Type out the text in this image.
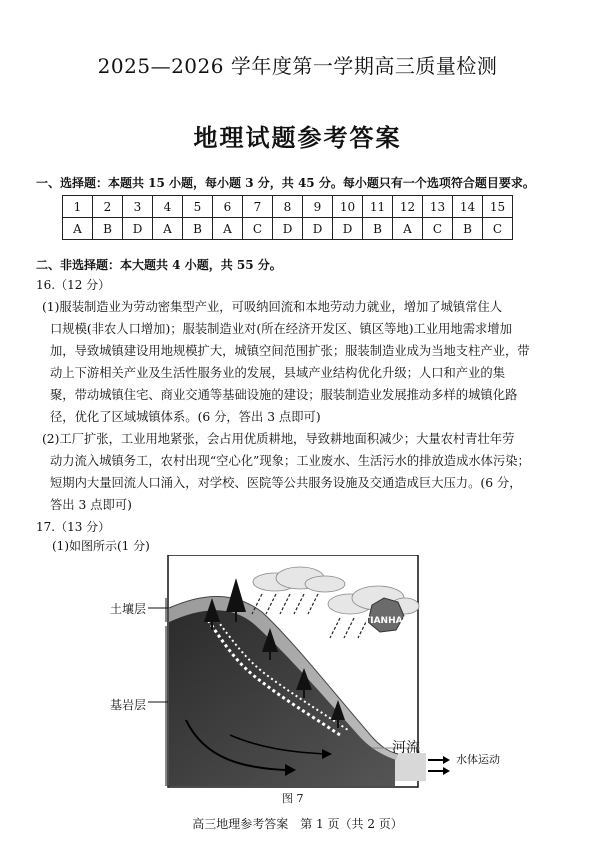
2025—2026 学年度第一学期高三质量检测
地理试题参考答案
一、选择题：本题共 15 小题，每小题 3 分，共 45 分。每小题只有一个选项符合题目要求。
1	2	3	4	5	6	7	8	9	10	11	12	13	14	15
A	B	D	A	B	A	C	D	D	D	B	A	C	B	C
二、非选择题：本大题共 4 小题，共 55 分。
16.（12 分）
(1)服装制造业为劳动密集型产业，可吸纳回流和本地劳动力就业，增加了城镇常住人
口规模(非农人口增加)；服装制造业对(所在经济开发区、镇区等地)工业用地需求增加
加，导致城镇建设用地规模扩大，城镇空间范围扩张；服装制造业成为当地支柱产业，带
动上下游相关产业及生活性服务业的发展，县域产业结构优化升级；人口和产业的集
聚，带动城镇住宅、商业交通等基础设施的建设；服装制造业发展推动多样的城镇化路
径，优化了区域城镇体系。(6 分，答出 3 点即可)
(2)工厂扩张，工业用地紧张，会占用优质耕地，导致耕地面积减少；大量农村青壮年劳
动力流入城镇务工，农村出现“空心化”现象；工业废水、生活污水的排放造成水体污染；
短期内大量回流人口涌入，对学校、医院等公共服务设施及交通造成巨大压力。(6 分，
答出 3 点即可)
17.（13 分）
(1)如图所示(1 分)
TIANHAI
土壤层
基岩层
河流
水体运动
图 7
高三地理参考答案　第 1 页（共 2 页）
